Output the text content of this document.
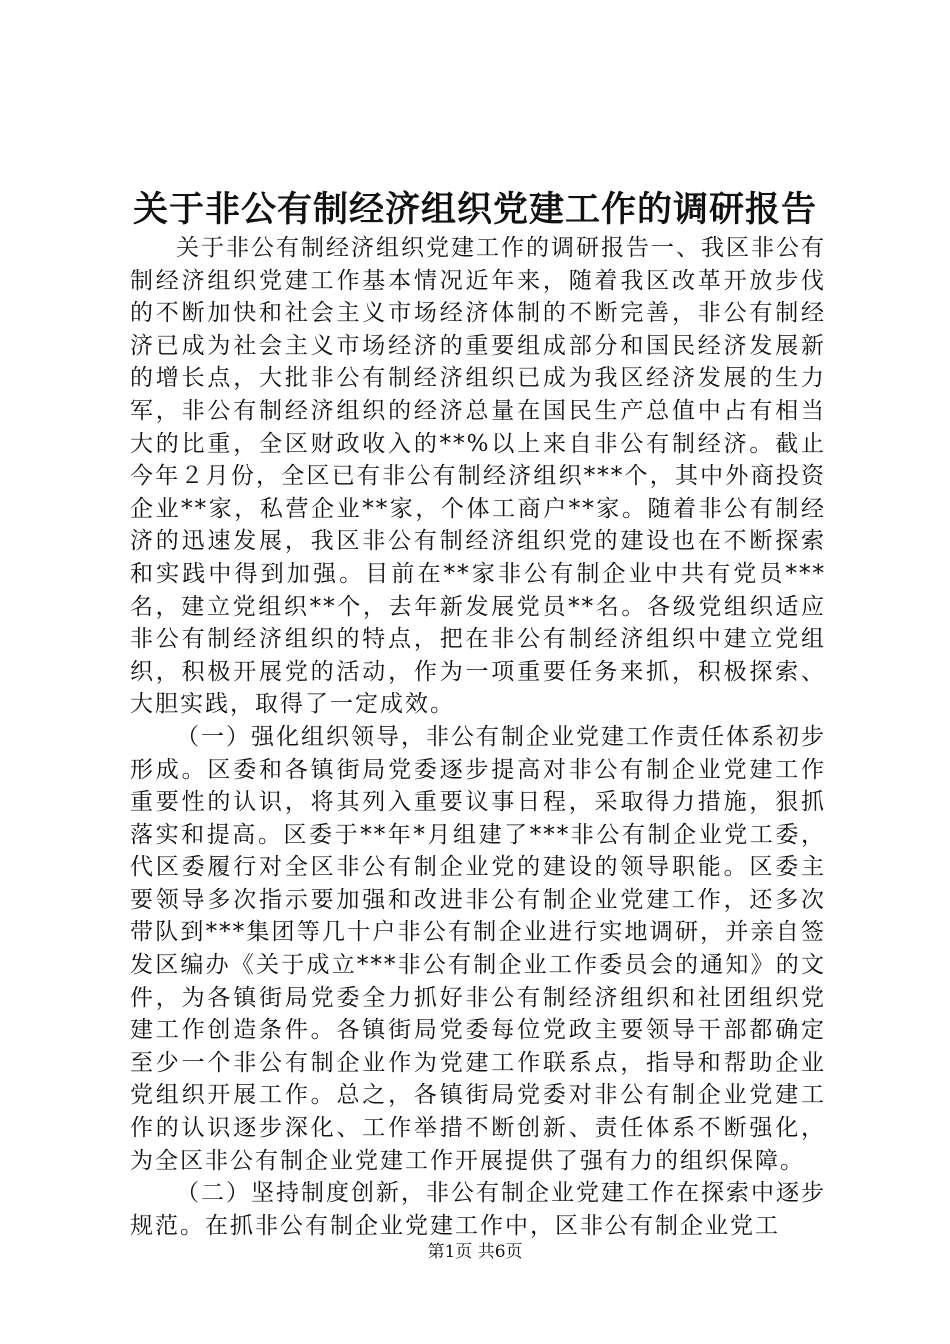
关于非公有制经济组织党建工作的调研报告

关于非公有制经济组织党建工作的调研报告一、我区非公有制经济组织党建工作基本情况近年来，随着我区改革开放步伐的不断加快和社会主义市场经济体制的不断完善，非公有制经济已成为社会主义市场经济的重要组成部分和国民经济发展新的增长点，大批非公有制经济组织已成为我区经济发展的生力军，非公有制经济组织的经济总量在国民生产总值中占有相当大的比重，全区财政收入的**%以上来自非公有制经济。截止今年２月份，全区已有非公有制经济组织***个，其中外商投资企业**家，私营企业**家，个体工商户**家。随着非公有制经济的迅速发展，我区非公有制经济组织党的建设也在不断探索和实践中得到加强。目前在**家非公有制企业中共有党员***名，建立党组织**个，去年新发展党员**名。各级党组织适应非公有制经济组织的特点，把在非公有制经济组织中建立党组织，积极开展党的活动，作为一项重要任务来抓，积极探索、大胆实践，取得了一定成效。

（一）强化组织领导，非公有制企业党建工作责任体系初步形成。区委和各镇街局党委逐步提高对非公有制企业党建工作重要性的认识，将其列入重要议事日程，采取得力措施，狠抓落实和提高。区委于**年*月组建了***非公有制企业党工委，代区委履行对全区非公有制企业党的建设的领导职能。区委主要领导多次指示要加强和改进非公有制企业党建工作，还多次带队到***集团等几十户非公有制企业进行实地调研，并亲自签发区编办《关于成立***非公有制企业工作委员会的通知》的文件，为各镇街局党委全力抓好非公有制经济组织和社团组织党建工作创造条件。各镇街局党委每位党政主要领导干部都确定至少一个非公有制企业作为党建工作联系点，指导和帮助企业党组织开展工作。总之，各镇街局党委对非公有制企业党建工作的认识逐步深化、工作举措不断创新、责任体系不断强化，为全区非公有制企业党建工作开展提供了强有力的组织保障。

（二）坚持制度创新，非公有制企业党建工作在探索中逐步规范。在抓非公有制企业党建工作中，区非公有制企业党工

第1页 共6页
